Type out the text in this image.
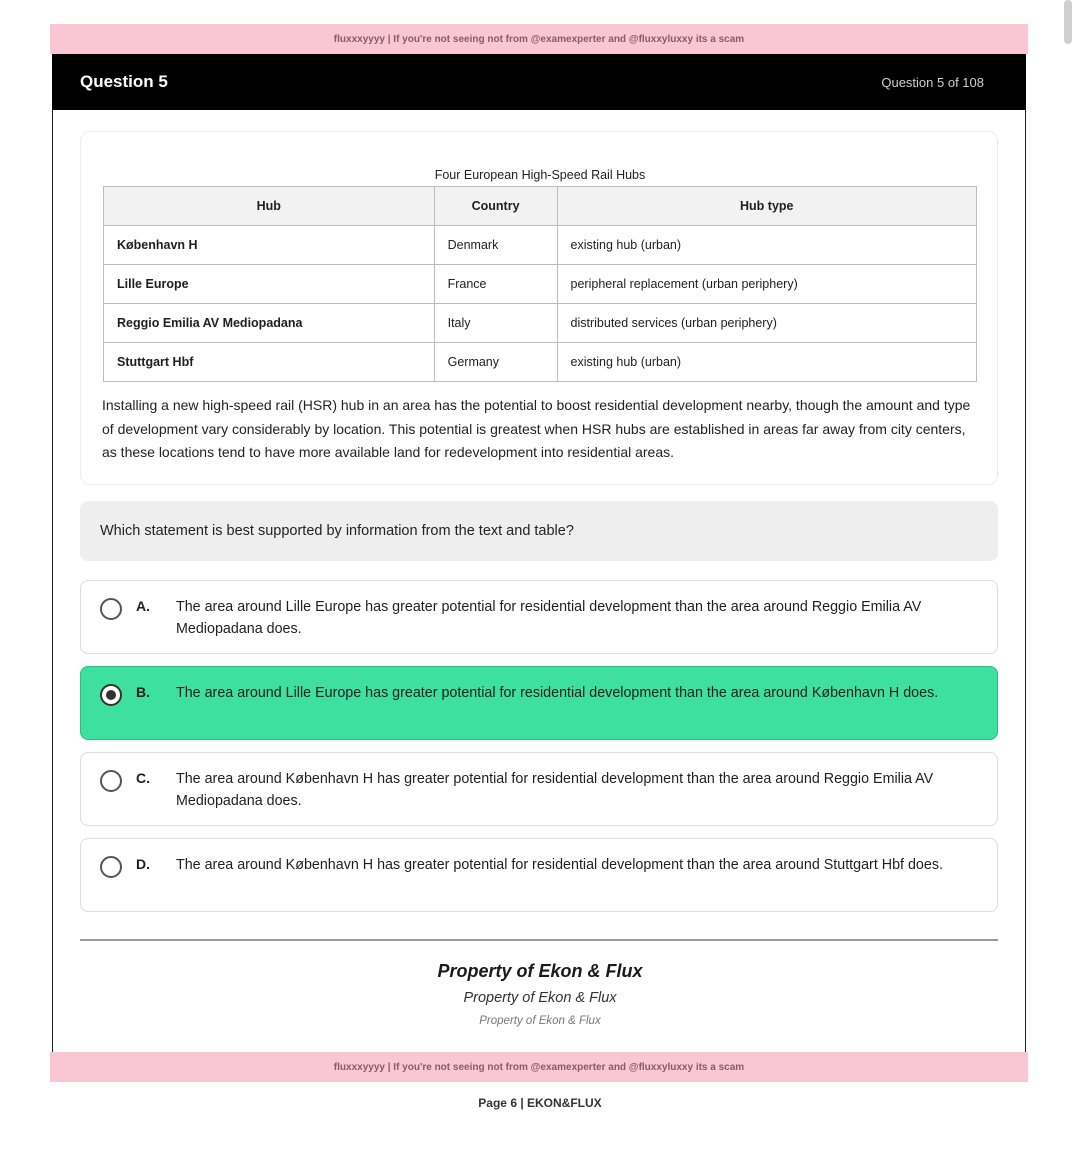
fluxxxyyyy | If you're not seeing not from @examexperter and @fluxxyluxxy its a scam
Question 5	Question 5 of 108
Four European High-Speed Rail Hubs
Hub	Country	Hub type
København H	Denmark	existing hub (urban)
Lille Europe	France	peripheral replacement (urban periphery)
Reggio Emilia AV Mediopadana	Italy	distributed services (urban periphery)
Stuttgart Hbf	Germany	existing hub (urban)
Installing a new high-speed rail (HSR) hub in an area has the potential to boost residential development nearby, though the amount and type of development vary considerably by location. This potential is greatest when HSR hubs are established in areas far away from city centers, as these locations tend to have more available land for redevelopment into residential areas.
Which statement is best supported by information from the text and table?
A. The area around Lille Europe has greater potential for residential development than the area around Reggio Emilia AV Mediopadana does.
B. The area around Lille Europe has greater potential for residential development than the area around København H does.
C. The area around København H has greater potential for residential development than the area around Reggio Emilia AV Mediopadana does.
D. The area around København H has greater potential for residential development than the area around Stuttgart Hbf does.
Property of Ekon & Flux
Property of Ekon & Flux
Property of Ekon & Flux
fluxxxyyyy | If you're not seeing not from @examexperter and @fluxxyluxxy its a scam
Page 6 | EKON&FLUX
